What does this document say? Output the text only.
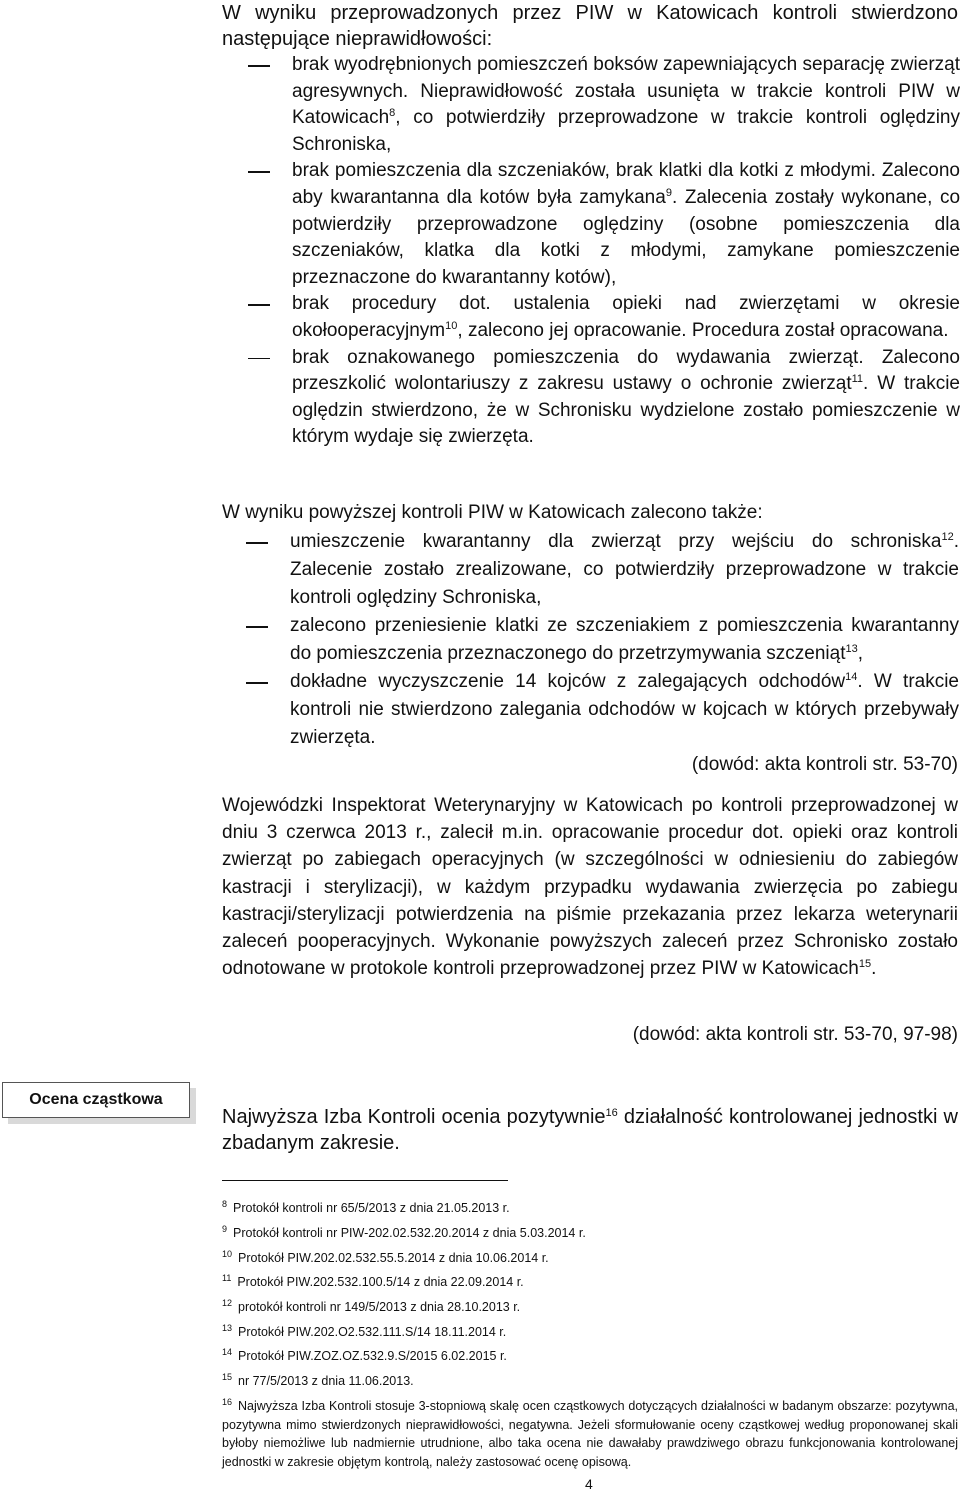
W wyniku przeprowadzonych przez PIW w Katowicach kontroli stwierdzono następujące nieprawidłowości:
brak wyodrębnionych pomieszczeń boksów zapewniających separację zwierząt agresywnych. Nieprawidłowość została usunięta w trakcie kontroli PIW w Katowicach$^8$, co potwierdziły przeprowadzone w trakcie kontroli oględziny Schroniska,
brak pomieszczenia dla szczeniaków, brak klatki dla kotki z młodymi. Zalecono aby kwarantanna dla kotów była zamykana$^9$. Zalecenia zostały wykonane, co potwierdziły przeprowadzone oględziny (osobne pomieszczenia dla szczeniaków, klatka dla kotki z młodymi, zamykane pomieszczenie przeznaczone do kwarantanny kotów),
brak procedury dot. ustalenia opieki nad zwierzętami w okresie okołooperacyjnym$^{10}$, zalecono jej opracowanie. Procedura został opracowana.
brak oznakowanego pomieszczenia do wydawania zwierząt. Zalecono przeszkolić wolontariuszy z zakresu ustawy o ochronie zwierząt$^{11}$. W trakcie oględzin stwierdzono, że w Schronisku wydzielone zostało pomieszczenie w którym wydaje się zwierzęta.
W wyniku powyższej kontroli PIW w Katowicach zalecono także:
umieszczenie kwarantanny dla zwierząt przy wejściu do schroniska$^{12}$. Zalecenie zostało zrealizowane, co potwierdziły przeprowadzone w trakcie kontroli oględziny Schroniska,
zalecono przeniesienie klatki ze szczeniakiem z pomieszczenia kwarantanny do pomieszczenia przeznaczonego do przetrzymywania szczeniąt$^{13}$,
dokładne wyczyszczenie 14 kojców z zalegających odchodów$^{14}$. W trakcie kontroli nie stwierdzono zalegania odchodów w kojcach w których przebywały zwierzęta.
(dowód: akta kontroli str. 53-70)
Wojewódzki Inspektorat Weterynaryjny w Katowicach po kontroli przeprowadzonej w dniu 3 czerwca 2013 r., zalecił m.in. opracowanie procedur dot. opieki oraz kontroli zwierząt po zabiegach operacyjnych (w szczególności w odniesieniu do zabiegów kastracji i sterylizacji), w każdym przypadku wydawania zwierzęcia po zabiegu kastracji/sterylizacji potwierdzenia na piśmie przekazania przez lekarza weterynarii zaleceń pooperacyjnych. Wykonanie powyższych zaleceń przez Schronisko zostało odnotowane w protokole kontroli przeprowadzonej przez PIW w Katowicach$^{15}$.
(dowód: akta kontroli str. 53-70, 97-98)
Ocena cząstkowa
Najwyższa Izba Kontroli ocenia pozytywnie$^{16}$ działalność kontrolowanej jednostki w zbadanym zakresie.
$^8$ Protokół kontroli nr 65/5/2013 z dnia 21.05.2013 r.
$^9$ Protokół kontroli nr PIW-202.02.532.20.2014 z dnia 5.03.2014 r.
$^{10}$ Protokół PIW.202.02.532.55.5.2014 z dnia 10.06.2014 r.
$^{11}$ Protokół PIW.202.532.100.5/14 z dnia 22.09.2014 r.
$^{12}$ protokół kontroli nr 149/5/2013 z dnia 28.10.2013 r.
$^{13}$ Protokół PIW.202.O2.532.111.S/14 18.11.2014 r.
$^{14}$ Protokół PIW.ZOZ.OZ.532.9.S/2015 6.02.2015 r.
$^{15}$ nr 77/5/2013 z dnia 11.06.2013.
$^{16}$ Najwyższa Izba Kontroli stosuje 3-stopniową skalę ocen cząstkowych dotyczących działalności w badanym obszarze: pozytywna, pozytywna mimo stwierdzonych nieprawidłowości, negatywna. Jeżeli sformułowanie oceny cząstkowej według proponowanej skali byłoby niemożliwe lub nadmiernie utrudnione, albo taka ocena nie dawałaby prawdziwego obrazu funkcjonowania kontrolowanej jednostki w zakresie objętym kontrolą, należy zastosować ocenę opisową.
4
